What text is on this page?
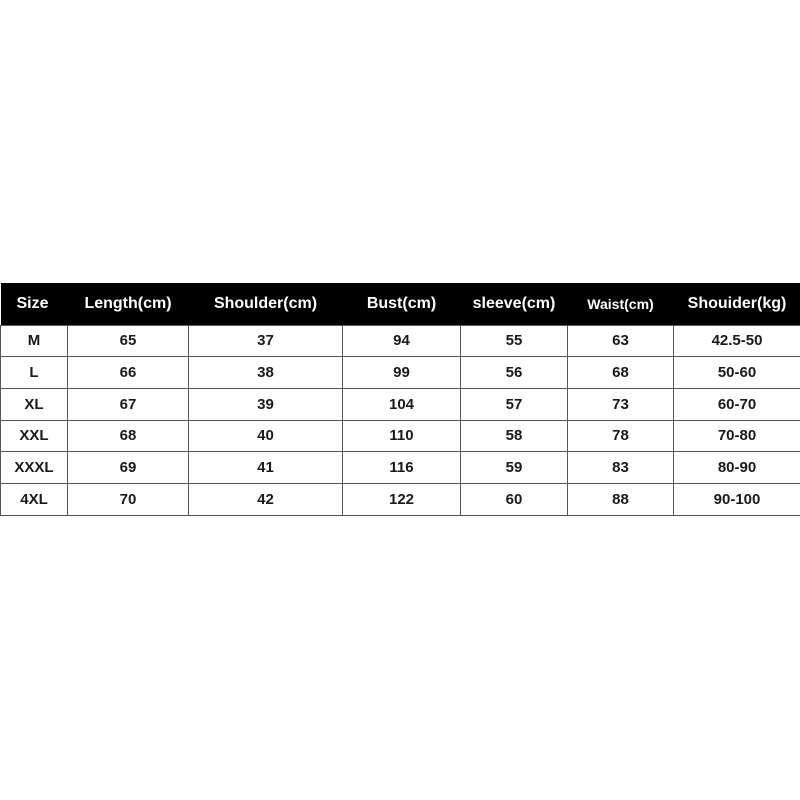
Size	Length(cm)	Shoulder(cm)	Bust(cm)	sleeve(cm)	Waist(cm)	Shouider(kg)
M	65	37	94	55	63	42.5-50
L	66	38	99	56	68	50-60
XL	67	39	104	57	73	60-70
XXL	68	40	110	58	78	70-80
XXXL	69	41	116	59	83	80-90
4XL	70	42	122	60	88	90-100
